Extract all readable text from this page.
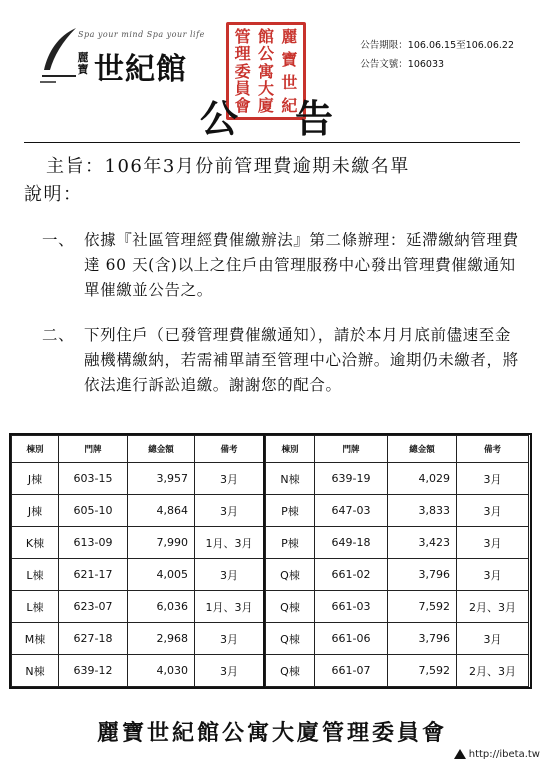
Spa your mind Spa your life
麗寶 世紀館
公告期限：106.06.15至106.06.22
公告文號：106033
麗
寶
世
紀
館
公
寓
大
廈
管
理
委
員
會
公 告
主旨：106年3月份前管理費逾期未繳名單
說明：
一、 依據『社區管理經費催繳辦法』第二條辦理：延滯繳納管理費達 60 天(含)以上之住戶由管理服務中心發出管理費催繳通知單催繳並公告之。
二、 下列住戶（已發管理費催繳通知），請於本月月底前儘速至金融機構繳納，若需補單請至管理中心洽辦。逾期仍未繳者，將依法進行訴訟追繳。謝謝您的配合。
棟別	門牌	總金額	備考
J棟	603-15	3,957	3月
J棟	605-10	4,864	3月
K棟	613-09	7,990	1月、3月
L棟	621-17	4,005	3月
L棟	623-07	6,036	1月、3月
M棟	627-18	2,968	3月
N棟	639-12	4,030	3月
棟別	門牌	總金額	備考
N棟	639-19	4,029	3月
P棟	647-03	3,833	3月
P棟	649-18	3,423	3月
Q棟	661-02	3,796	3月
Q棟	661-03	7,592	2月、3月
Q棟	661-06	3,796	3月
Q棟	661-07	7,592	2月、3月
麗寶世紀館公寓大廈管理委員會
http://ibeta.tw
